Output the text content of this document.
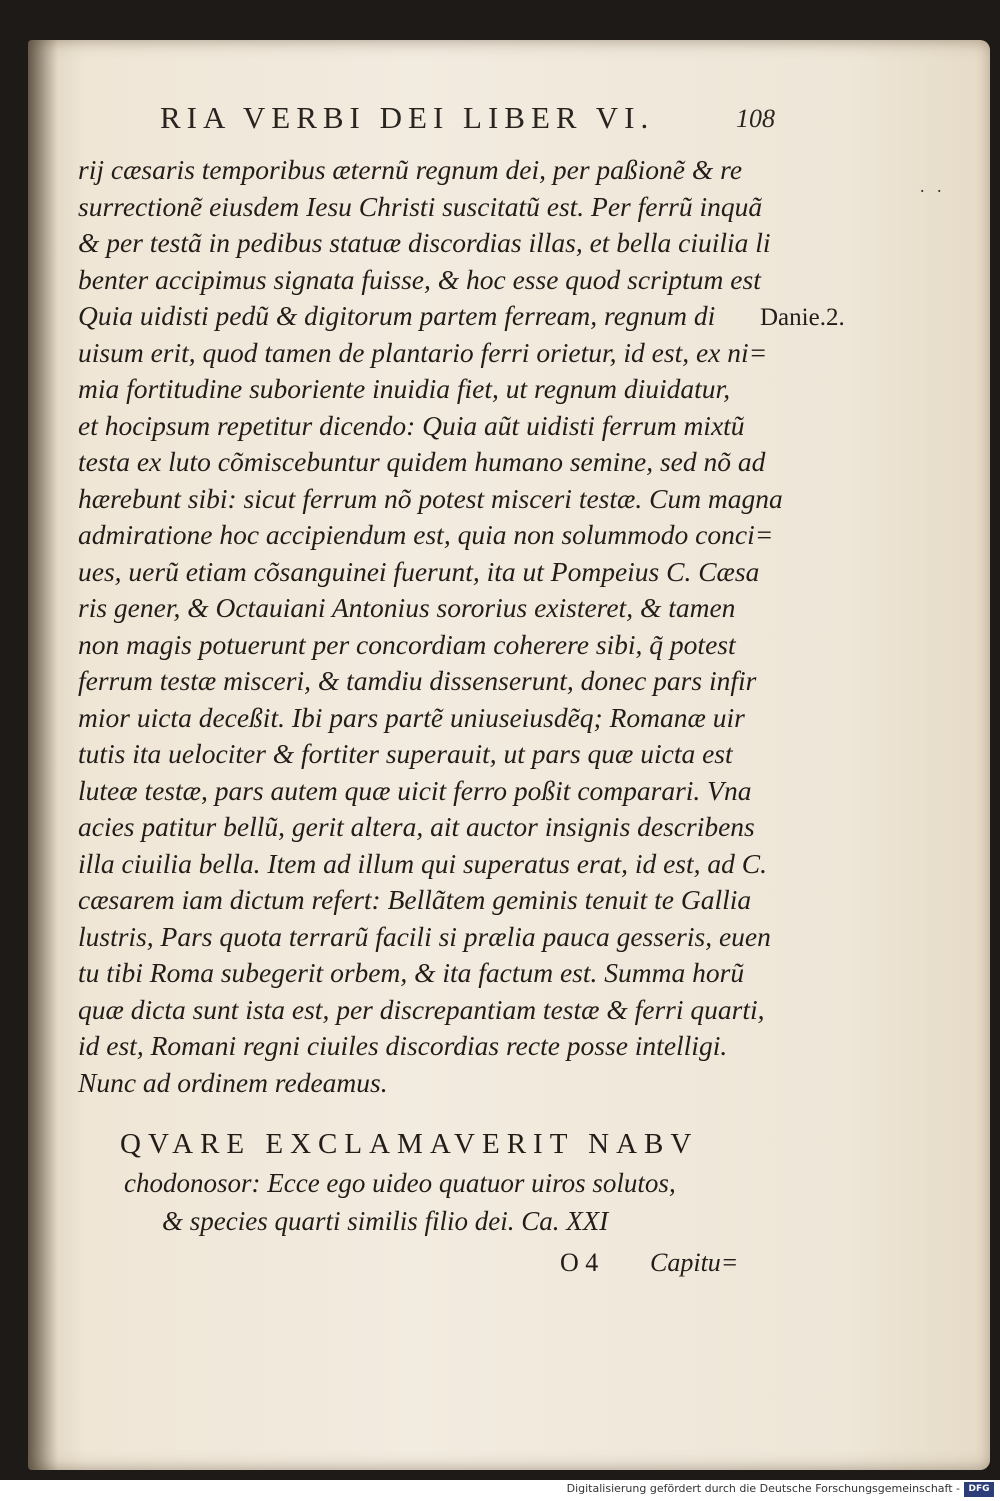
RIA VERBI DEI LIBER VI.	108
. .
Danie.2.
rij cæsaris temporibus æternũ regnum dei, per paßionẽ & re
surrectionẽ eiusdem Iesu Christi suscitatũ est. Per ferrũ inquã
& per testã in pedibus statuæ discordias illas, et bella ciuilia li
benter accipimus signata fuisse, & hoc esse quod scriptum est
Quia uidisti pedũ & digitorum partem ferream, regnum di
uisum erit, quod tamen de plantario ferri orietur, id est, ex ni=
mia fortitudine suboriente inuidia fiet, ut regnum diuidatur,
et hocipsum repetitur dicendo: Quia aũt uidisti ferrum mixtũ
testa ex luto cõmiscebuntur quidem humano semine, sed nõ ad
hærebunt sibi: sicut ferrum nõ potest misceri testæ. Cum magna
admiratione hoc accipiendum est, quia non solummodo conci=
ues, uerũ etiam cõsanguinei fuerunt, ita ut Pompeius C. Cæsa
ris gener, & Octauiani Antonius sororius existeret, & tamen
non magis potuerunt per concordiam coherere sibi, q̃ potest
ferrum testæ misceri, & tamdiu dissenserunt, donec pars infir
mior uicta deceßit. Ibi pars partẽ uniuseiusdẽq; Romanæ uir
tutis ita uelociter & fortiter superauit, ut pars quæ uicta est
luteæ testæ, pars autem quæ uicit ferro poßit comparari. Vna
acies patitur bellũ, gerit altera, ait auctor insignis describens
illa ciuilia bella. Item ad illum qui superatus erat, id est, ad C.
cæsarem iam dictum refert: Bellãtem geminis tenuit te Gallia
lustris, Pars quota terrarũ facili si prælia pauca gesseris, euen
tu tibi Roma subegerit orbem, & ita factum est. Summa horũ
quæ dicta sunt ista est, per discrepantiam testæ & ferri quarti,
id est, Romani regni ciuiles discordias recte posse intelligi.
Nunc ad ordinem redeamus.
QVARE EXCLAMAVERIT NABV
chodonosor: Ecce ego uideo quatuor uiros solutos,
& species quarti similis filio dei. Ca. XXI
O 4 Capitu=
Digitalisierung gefördert durch die Deutsche Forschungsgemeinschaft - DFG
